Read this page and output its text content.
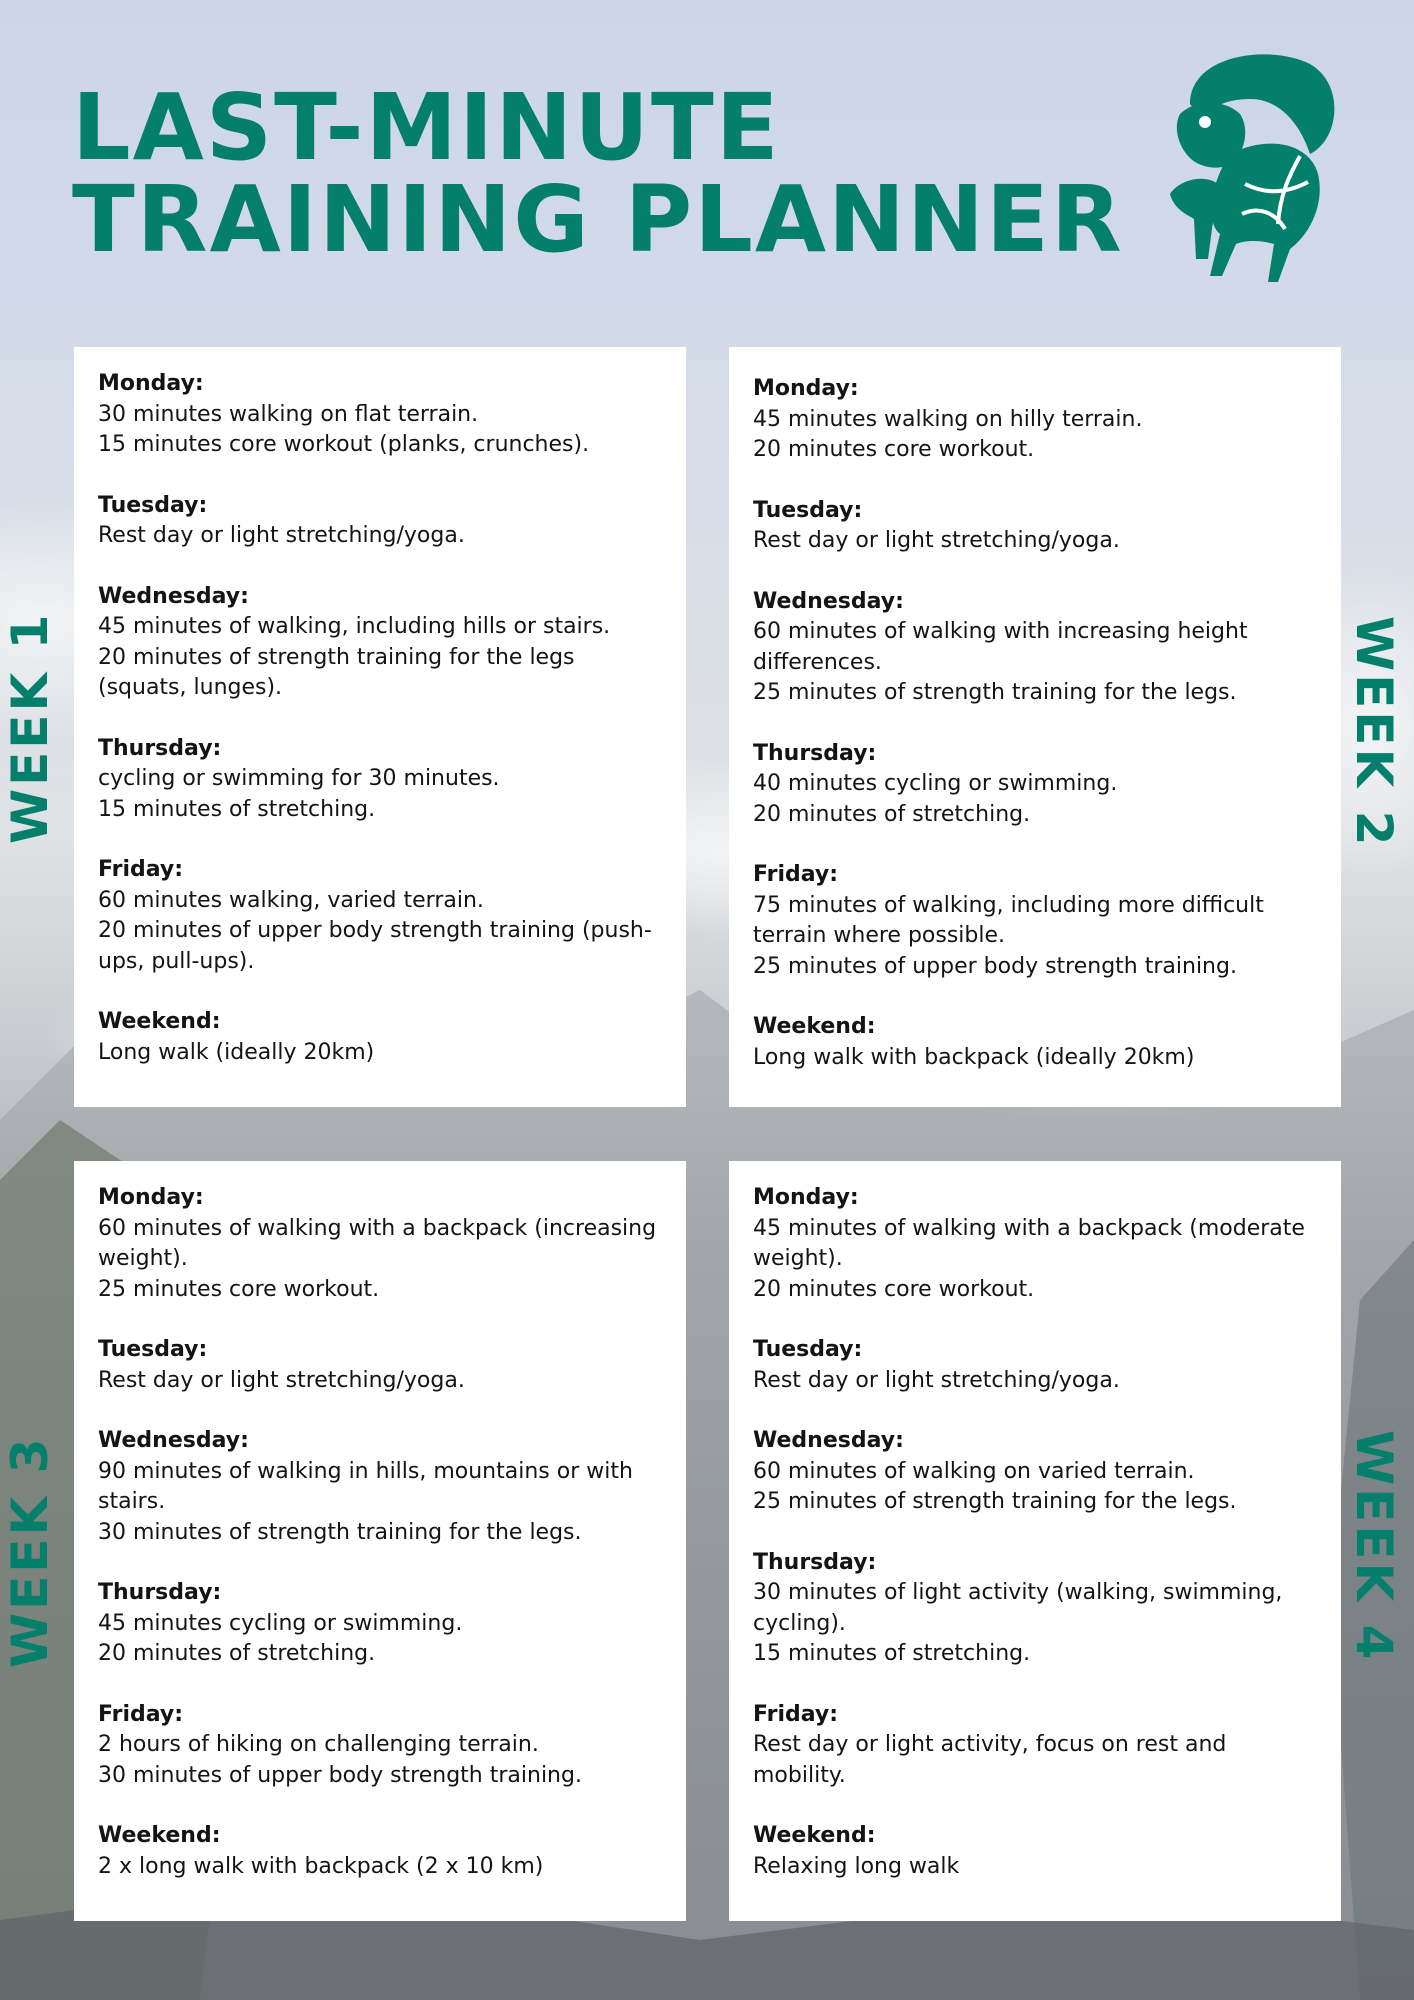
LAST-MINUTE
TRAINING PLANNER
Monday:
30 minutes walking on flat terrain.
15 minutes core workout (planks, crunches).
Tuesday:
Rest day or light stretching/yoga.
Wednesday:
45 minutes of walking, including hills or stairs.
20 minutes of strength training for the legs (squats, lunges).
Thursday:
cycling or swimming for 30 minutes.
15 minutes of stretching.
Friday:
60 minutes walking, varied terrain.
20 minutes of upper body strength training (push-ups, pull-ups).
Weekend:
Long walk (ideally 20km)
Monday:
45 minutes walking on hilly terrain.
20 minutes core workout.
Tuesday:
Rest day or light stretching/yoga.
Wednesday:
60 minutes of walking with increasing height differences.
25 minutes of strength training for the legs.
Thursday:
40 minutes cycling or swimming.
20 minutes of stretching.
Friday:
75 minutes of walking, including more difficult terrain where possible.
25 minutes of upper body strength training.
Weekend:
Long walk with backpack (ideally 20km)
Monday:
60 minutes of walking with a backpack (increasing weight).
25 minutes core workout.
Tuesday:
Rest day or light stretching/yoga.
Wednesday:
90 minutes of walking in hills, mountains or with stairs.
30 minutes of strength training for the legs.
Thursday:
45 minutes cycling or swimming.
20 minutes of stretching.
Friday:
2 hours of hiking on challenging terrain.
30 minutes of upper body strength training.
Weekend:
2 x long walk with backpack (2 x 10 km)
Monday:
45 minutes of walking with a backpack (moderate weight).
20 minutes core workout.
Tuesday:
Rest day or light stretching/yoga.
Wednesday:
60 minutes of walking on varied terrain.
25 minutes of strength training for the legs.
Thursday:
30 minutes of light activity (walking, swimming, cycling).
15 minutes of stretching.
Friday:
Rest day or light activity, focus on rest and mobility.
Weekend:
Relaxing long walk
WEEK 1	WEEK 2
WEEK 3	WEEK 4
